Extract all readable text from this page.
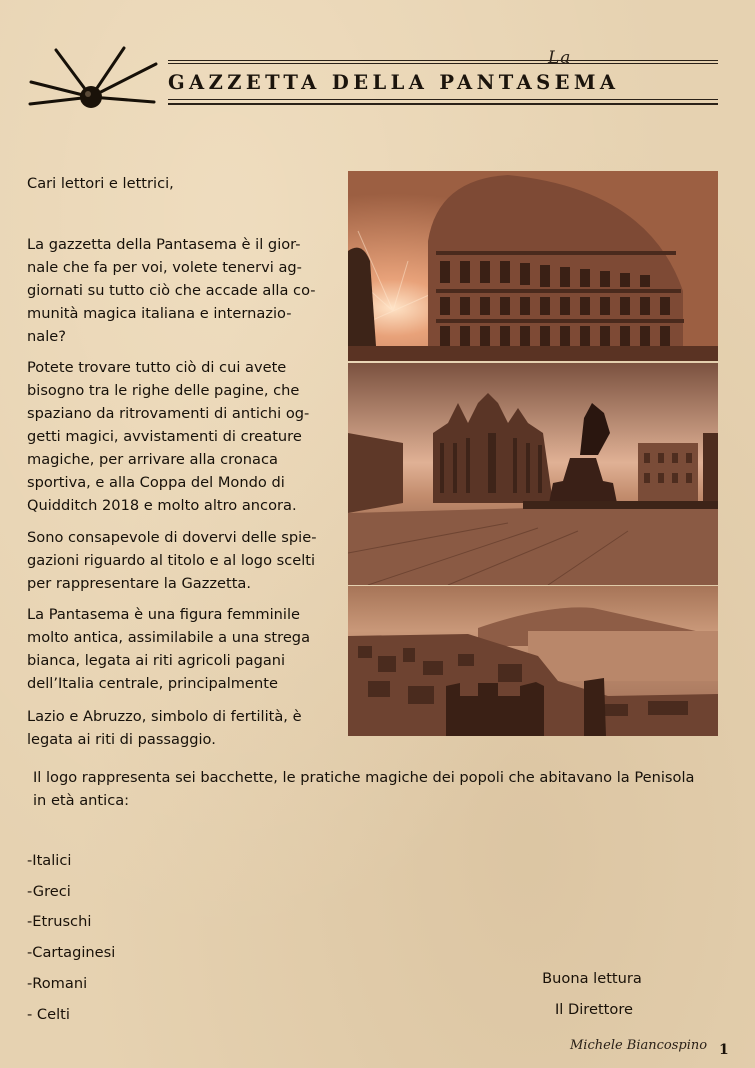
La
GAZZETTA DELLA PANTASEMA
Cari lettori e lettrici,
La gazzetta della Pantasema è il gior-
nale che fa per voi, volete tenervi ag-
giornati su tutto ciò che accade alla co-
munità magica italiana e internazio-
nale?
Potete trovare tutto ciò di cui avete
bisogno tra le righe delle pagine, che
spaziano da ritrovamenti di antichi og-
getti magici, avvistamenti di creature
magiche, per arrivare alla cronaca
sportiva, e alla Coppa del Mondo di
Quidditch 2018 e molto altro ancora.
Sono consapevole di dovervi delle spie-
gazioni riguardo al titolo e al logo scelti
per rappresentare la Gazzetta.
La Pantasema è una figura femminile
molto antica, assimilabile a una strega
bianca, legata ai riti agricoli pagani
dell’Italia centrale, principalmente
Lazio e Abruzzo, simbolo di fertilità, è
legata ai riti di passaggio.
Il logo rappresenta sei bacchette, le pratiche magiche dei popoli che abitavano la Penisola
in età antica:
-Italici
-Greci
-Etruschi
-Cartaginesi
-Romani
- Celti
Buona lettura
Il Direttore
Michele Biancospino 1
